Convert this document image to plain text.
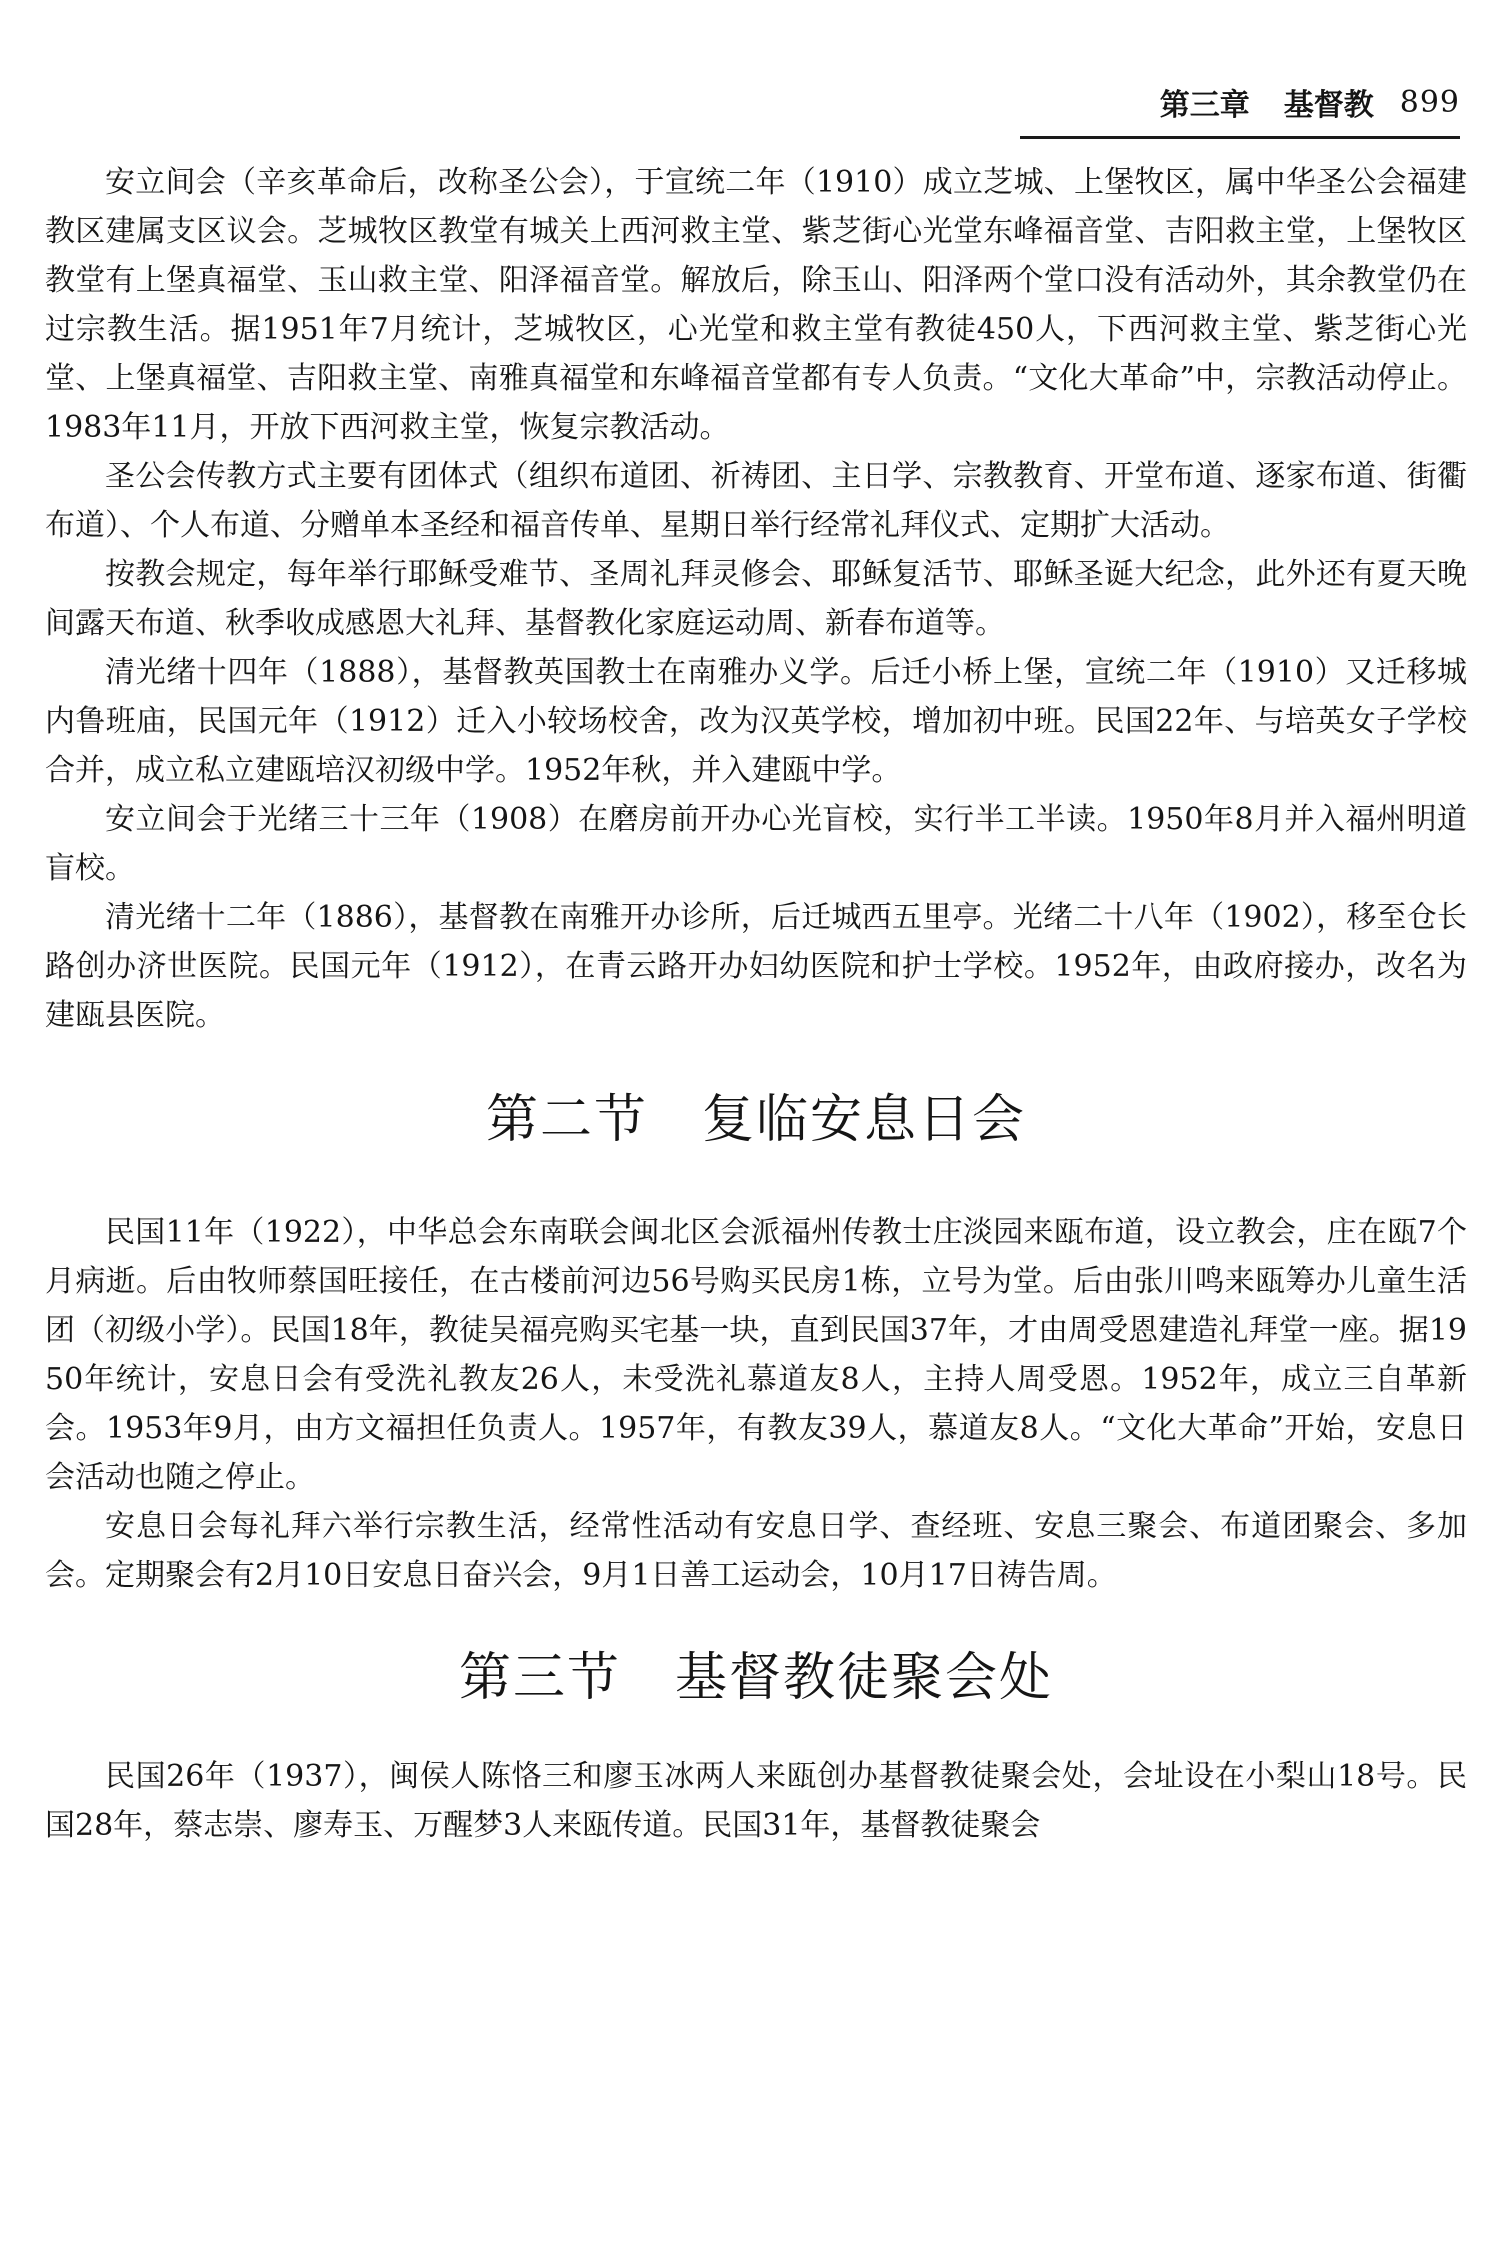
第三章 基督教 899

安立间会（辛亥革命后，改称圣公会），于宣统二年（1910）成立芝城、上堡牧区，属中华圣公会福建教区建属支区议会。芝城牧区教堂有城关上西河救主堂、紫芝街心光堂东峰福音堂、吉阳救主堂，上堡牧区教堂有上堡真福堂、玉山救主堂、阳泽福音堂。解放后，除玉山、阳泽两个堂口没有活动外，其余教堂仍在过宗教生活。据1951年7月统计，芝城牧区，心光堂和救主堂有教徒450人，下西河救主堂、紫芝街心光堂、上堡真福堂、吉阳救主堂、南雅真福堂和东峰福音堂都有专人负责。“文化大革命”中，宗教活动停止。1983年11月，开放下西河救主堂，恢复宗教活动。

圣公会传教方式主要有团体式（组织布道团、祈祷团、主日学、宗教教育、开堂布道、逐家布道、街衢布道）、个人布道、分赠单本圣经和福音传单、星期日举行经常礼拜仪式、定期扩大活动。

按教会规定，每年举行耶稣受难节、圣周礼拜灵修会、耶稣复活节、耶稣圣诞大纪念，此外还有夏天晚间露天布道、秋季收成感恩大礼拜、基督教化家庭运动周、新春布道等。

清光绪十四年（1888），基督教英国教士在南雅办义学。后迁小桥上堡，宣统二年（1910）又迁移城内鲁班庙，民国元年（1912）迁入小较场校舍，改为汉英学校，增加初中班。民国22年、与培英女子学校合并，成立私立建瓯培汉初级中学。1952年秋，并入建瓯中学。

安立间会于光绪三十三年（1908）在磨房前开办心光盲校，实行半工半读。1950年8月并入福州明道盲校。

清光绪十二年（1886），基督教在南雅开办诊所，后迁城西五里亭。光绪二十八年（1902），移至仓长路创办济世医院。民国元年（1912），在青云路开办妇幼医院和护士学校。1952年，由政府接办，改名为建瓯县医院。

第二节　复临安息日会

民国11年（1922），中华总会东南联会闽北区会派福州传教士庄淡园来瓯布道，设立教会，庄在瓯7个月病逝。后由牧师蔡国旺接任，在古楼前河边56号购买民房1栋，立号为堂。后由张川鸣来瓯筹办儿童生活团（初级小学）。民国18年，教徒吴福亮购买宅基一块，直到民国37年，才由周受恩建造礼拜堂一座。据1950年统计，安息日会有受洗礼教友26人，未受洗礼慕道友8人，主持人周受恩。1952年，成立三自革新会。1953年9月，由方文福担任负责人。1957年，有教友39人，慕道友8人。“文化大革命”开始，安息日会活动也随之停止。

安息日会每礼拜六举行宗教生活，经常性活动有安息日学、查经班、安息三聚会、布道团聚会、多加会。定期聚会有2月10日安息日奋兴会，9月1日善工运动会，10月17日祷告周。

第三节　基督教徒聚会处

民国26年（1937），闽侯人陈恪三和廖玉冰两人来瓯创办基督教徒聚会处，会址设在小梨山18号。民国28年，蔡志崇、廖寿玉、万醒梦3人来瓯传道。民国31年，基督教徒聚会
